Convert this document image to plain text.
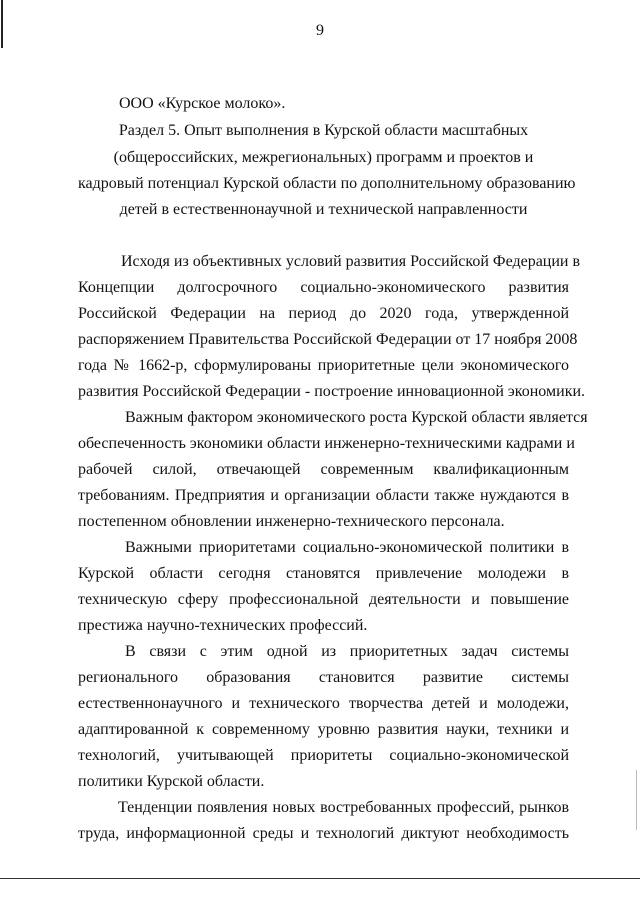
9
ООО «Курское молоко».
Раздел 5. Опыт выполнения в Курской области масштабных
(общероссийских, межрегиональных) программ и проектов и
кадровый потенциал Курской области по дополнительному образованию
детей в естественнонаучной и технической направленности
Исходя из объективных условий развития Российской Федерации в
Концепции долгосрочного социально-экономического развития
Российской Федерации на период до 2020 года, утвержденной
распоряжением Правительства Российской Федерации от 17 ноября 2008
года № 1662-р, сформулированы приоритетные цели экономического
развития Российской Федерации - построение инновационной экономики.
Важным фактором экономического роста Курской области является
обеспеченность экономики области инженерно-техническими кадрами и
рабочей силой, отвечающей современным квалификационным
требованиям. Предприятия и организации области также нуждаются в
постепенном обновлении инженерно-технического персонала.
Важными приоритетами социально-экономической политики в
Курской области сегодня становятся привлечение молодежи в
техническую сферу профессиональной деятельности и повышение
престижа научно-технических профессий.
В связи с этим одной из приоритетных задач системы
регионального образования становится развитие системы
естественнонаучного и технического творчества детей и молодежи,
адаптированной к современному уровню развития науки, техники и
технологий, учитывающей приоритеты социально-экономической
политики Курской области.
Тенденции появления новых востребованных профессий, рынков
труда, информационной среды и технологий диктуют необходимость
